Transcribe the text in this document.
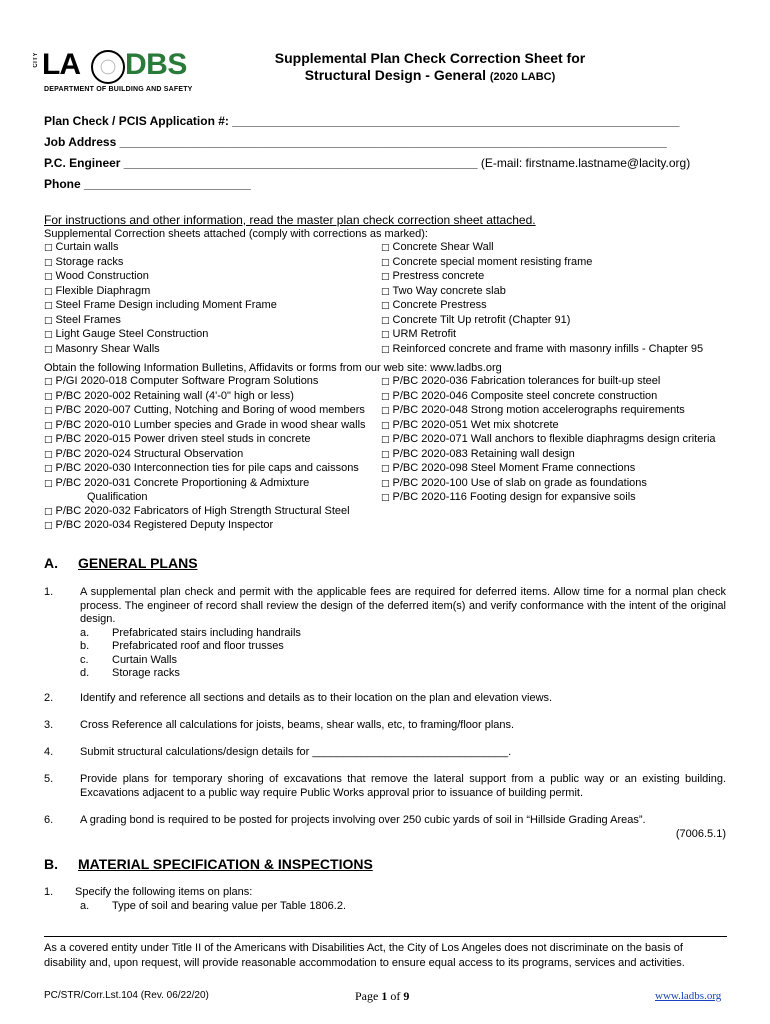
CITY LA DBS
DEPARTMENT OF BUILDING AND SAFETY
Supplemental Plan Check Correction Sheet for
Structural Design - General (2020 LABC)
Plan Check / PCIS Application #: ___________________________________________________________________
Job Address __________________________________________________________________________________
P.C. Engineer _____________________________________________________ (E-mail: firstname.lastname@lacity.org)
Phone _________________________
For instructions and other information, read the master plan check correction sheet attached.
Supplemental Correction sheets attached (comply with corrections as marked):
□ Curtain walls
□ Storage racks
□ Wood Construction
□ Flexible Diaphragm
□ Steel Frame Design including Moment Frame
□ Steel Frames
□ Light Gauge Steel Construction
□ Masonry Shear Walls
□ Concrete Shear Wall
□ Concrete special moment resisting frame
□ Prestress concrete
□ Two Way concrete slab
□ Concrete Prestress
□ Concrete Tilt Up retrofit (Chapter 91)
□ URM Retrofit
□ Reinforced concrete and frame with masonry infills - Chapter 95
Obtain the following Information Bulletins, Affidavits or forms from our web site: www.ladbs.org
□ P/GI 2020-018 Computer Software Program Solutions
□ P/BC 2020-002 Retaining wall (4'-0" high or less)
□ P/BC 2020-007 Cutting, Notching and Boring of wood members
□ P/BC 2020-010 Lumber species and Grade in wood shear walls
□ P/BC 2020-015 Power driven steel studs in concrete
□ P/BC 2020-024 Structural Observation
□ P/BC 2020-030 Interconnection ties for pile caps and caissons
□ P/BC 2020-031 Concrete Proportioning & Admixture
Qualification
□ P/BC 2020-032 Fabricators of High Strength Structural Steel
□ P/BC 2020-034 Registered Deputy Inspector
□ P/BC 2020-036 Fabrication tolerances for built-up steel
□ P/BC 2020-046 Composite steel concrete construction
□ P/BC 2020-048 Strong motion accelerographs requirements
□ P/BC 2020-051 Wet mix shotcrete
□ P/BC 2020-071 Wall anchors to flexible diaphragms design criteria
□ P/BC 2020-083 Retaining wall design
□ P/BC 2020-098 Steel Moment Frame connections
□ P/BC 2020-100 Use of slab on grade as foundations
□ P/BC 2020-116 Footing design for expansive soils
A. GENERAL PLANS
1. A supplemental plan check and permit with the applicable fees are required for deferred items. Allow time for a normal plan check process. The engineer of record shall review the design of the deferred item(s) and verify conformance with the intent of the original design.
a.	Prefabricated stairs including handrails
b.	Prefabricated roof and floor trusses
c.	Curtain Walls
d.	Storage racks
2. Identify and reference all sections and details as to their location on the plan and elevation views.
3. Cross Reference all calculations for joists, beams, shear walls, etc, to framing/floor plans.
4. Submit structural calculations/design details for ________________________________.
5. Provide plans for temporary shoring of excavations that remove the lateral support from a public way or an existing building. Excavations adjacent to a public way require Public Works approval prior to issuance of building permit.
6. A grading bond is required to be posted for projects involving over 250 cubic yards of soil in “Hillside Grading Areas”.
(7006.5.1)
B. MATERIAL SPECIFICATION & INSPECTIONS
1. Specify the following items on plans:
a.	Type of soil and bearing value per Table 1806.2.
As a covered entity under Title II of the Americans with Disabilities Act, the City of Los Angeles does not discriminate on the basis of disability and, upon request, will provide reasonable accommodation to ensure equal access to its programs, services and activities.
PC/STR/Corr.Lst.104 (Rev. 06/22/20)	Page 1 of 9	www.ladbs.org
